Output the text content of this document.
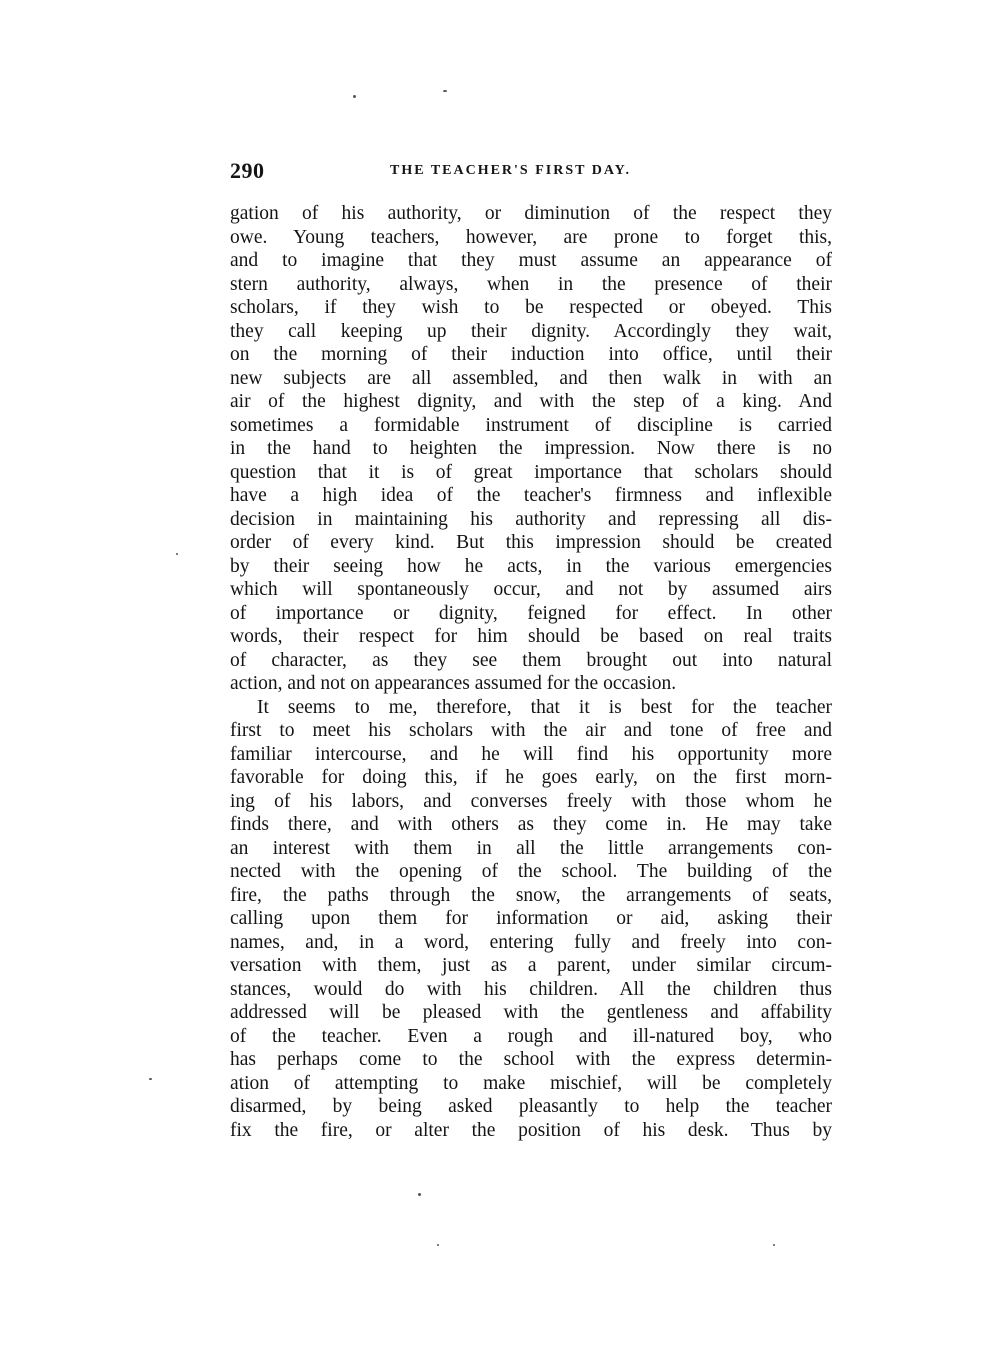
290	THE TEACHER'S FIRST DAY.
gation of his authority, or diminution of the respect they
owe. Young teachers, however, are prone to forget this,
and to imagine that they must assume an appearance of
stern authority, always, when in the presence of their
scholars, if they wish to be respected or obeyed. This
they call keeping up their dignity. Accordingly they wait,
on the morning of their induction into office, until their
new subjects are all assembled, and then walk in with an
air of the highest dignity, and with the step of a king. And
sometimes a formidable instrument of discipline is carried
in the hand to heighten the impression. Now there is no
question that it is of great importance that scholars should
have a high idea of the teacher's firmness and inflexible
decision in maintaining his authority and repressing all dis-
order of every kind. But this impression should be created
by their seeing how he acts, in the various emergencies
which will spontaneously occur, and not by assumed airs
of importance or dignity, feigned for effect. In other
words, their respect for him should be based on real traits
of character, as they see them brought out into natural
action, and not on appearances assumed for the occasion.
It seems to me, therefore, that it is best for the teacher
first to meet his scholars with the air and tone of free and
familiar intercourse, and he will find his opportunity more
favorable for doing this, if he goes early, on the first morn-
ing of his labors, and converses freely with those whom he
finds there, and with others as they come in. He may take
an interest with them in all the little arrangements con-
nected with the opening of the school. The building of the
fire, the paths through the snow, the arrangements of seats,
calling upon them for information or aid, asking their
names, and, in a word, entering fully and freely into con-
versation with them, just as a parent, under similar circum-
stances, would do with his children. All the children thus
addressed will be pleased with the gentleness and affability
of the teacher. Even a rough and ill-natured boy, who
has perhaps come to the school with the express determin-
ation of attempting to make mischief, will be completely
disarmed, by being asked pleasantly to help the teacher
fix the fire, or alter the position of his desk. Thus by
